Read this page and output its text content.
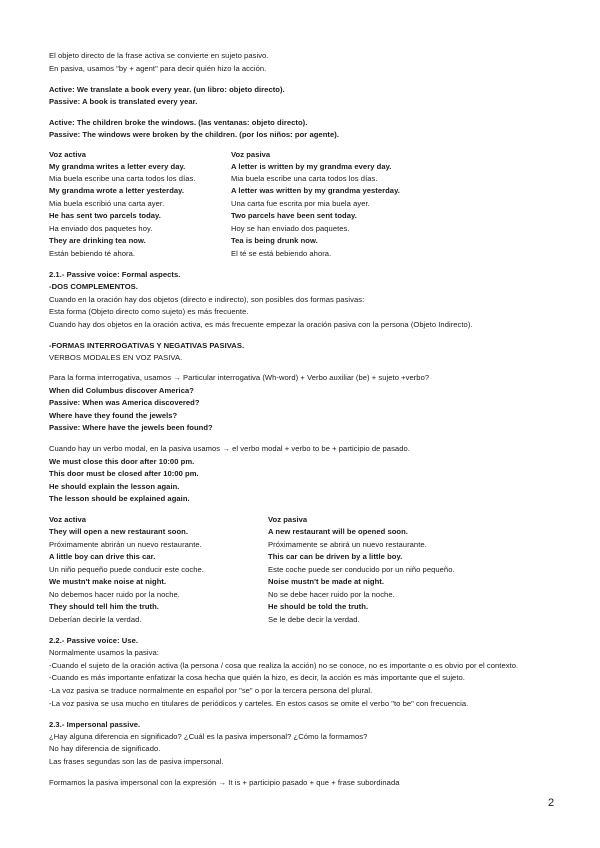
El objeto directo de la frase activa se convierte en sujeto pasivo.
En pasiva, usamos "by + agent" para decir quién hizo la acción.
Active: We translate a book every year. (un libro: objeto directo).
Passive: A book is translated every year.
Active: The children broke the windows. (las ventanas: objeto directo).
Passive: The windows were broken by the children. (por los niños: por agente).
Voz activa	Voz pasiva
My grandma writes a letter every day.	A letter is written by my grandma every day.
Mia buela escribe una carta todos los días.	Mia buela escribe una carta todos los días.
My grandma wrote a letter yesterday.	A letter was written by my grandma yesterday.
Mia buela escribió una carta ayer.	Una carta fue escrita por mia buela ayer.
He has sent two parcels today.	Two parcels have been sent today.
Ha enviado dos paquetes hoy.	Hoy se han enviado dos paquetes.
They are drinking tea now.	Tea is being drunk now.
Están bebiendo té ahora.	El té se está bebiendo ahora.
2.1.- Passive voice: Formal aspects.
-DOS COMPLEMENTOS.
Cuando en la oración hay dos objetos (directo e indirecto), son posibles dos formas pasivas:
Esta forma (Objeto directo como sujeto) es más frecuente.
Cuando hay dos objetos en la oración activa, es más frecuente empezar la oración pasiva con la persona (Objeto Indirecto).
-FORMAS INTERROGATIVAS Y NEGATIVAS PASIVAS.
VERBOS MODALES EN VOZ PASIVA.
Para la forma interrogativa, usamos → Particular interrogativa (Wh-word) + Verbo auxiliar (be) + sujeto +verbo?
When did Columbus discover America?
Passive: When was America discovered?
Where have they found the jewels?
Passive: Where have the jewels been found?
Cuando hay un verbo modal, en la pasiva usamos → el verbo modal + verbo to be + participio de pasado.
We must close this door after 10:00 pm.
This door must be closed after 10:00 pm.
He should explain the lesson again.
The lesson should be explained again.
Voz activa	Voz pasiva
They will open a new restaurant soon.	A new restaurant will be opened soon.
Próximamente abrirán un nuevo restaurante.	Próximamente se abrirá un nuevo restaurante.
A little boy can drive this car.	This car can be driven by a little boy.
Un niño pequeño puede conducir este coche.	Este coche puede ser conducido por un niño pequeño.
We mustn't make noise at night.	Noise mustn't be made at night.
No debemos hacer ruido por la noche.	No se debe hacer ruido por la noche.
They should tell him the truth.	He should be told the truth.
Deberían decirle la verdad.	Se le debe decir la verdad.
2.2.- Passive voice: Use.
Normalmente usamos la pasiva:
-Cuando el sujeto de la oración activa (la persona / cosa que realiza la acción) no se conoce, no es importante o es obvio por el contexto.
-Cuando es más importante enfatizar la cosa hecha que quién la hizo, es decir, la acción es más importante que el sujeto.
-La voz pasiva se traduce normalmente en español por "se" o por la tercera persona del plural.
-La voz pasiva se usa mucho en titulares de periódicos y carteles. En estos casos se omite el verbo "to be" con frecuencia.
2.3.- Impersonal passive.
¿Hay alguna diferencia en significado? ¿Cuál es la pasiva impersonal? ¿Cómo la formamos?
No hay diferencia de significado.
Las frases segundas son las de pasiva impersonal.
Formamos la pasiva impersonal con la expresión → It is + participio pasado + que + frase subordinada
2
